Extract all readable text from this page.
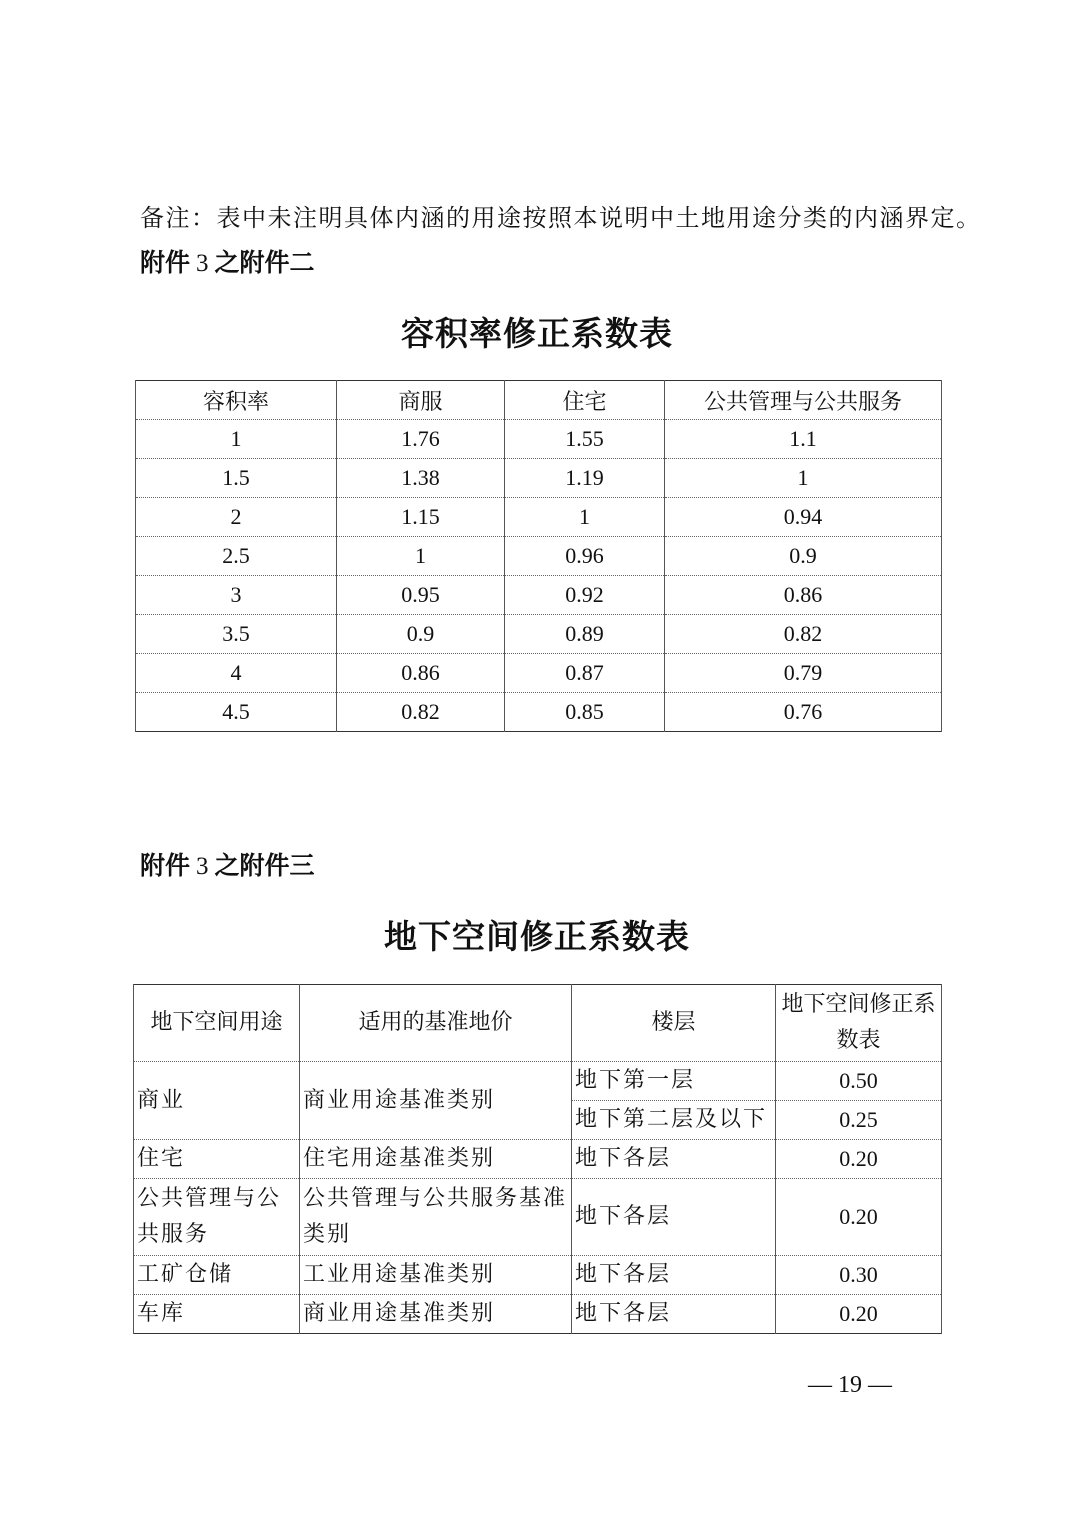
备注：表中未注明具体内涵的用途按照本说明中土地用途分类的内涵界定。
附件 3 之附件二
容积率修正系数表
容积率	商服	住宅	公共管理与公共服务
1	1.76	1.55	1.1
1.5	1.38	1.19	1
2	1.15	1	0.94
2.5	1	0.96	0.9
3	0.95	0.92	0.86
3.5	0.9	0.89	0.82
4	0.86	0.87	0.79
4.5	0.82	0.85	0.76
附件 3 之附件三
地下空间修正系数表
地下空间用途	适用的基准地价	楼层	地下空间修正系数表
商业	商业用途基准类别	地下第一层	0.50
		地下第二层及以下	0.25
住宅	住宅用途基准类别	地下各层	0.20
公共管理与公共服务	公共管理与公共服务基准类别	地下各层	0.20
工矿仓储	工业用途基准类别	地下各层	0.30
车库	商业用途基准类别	地下各层	0.20
— 19 —
